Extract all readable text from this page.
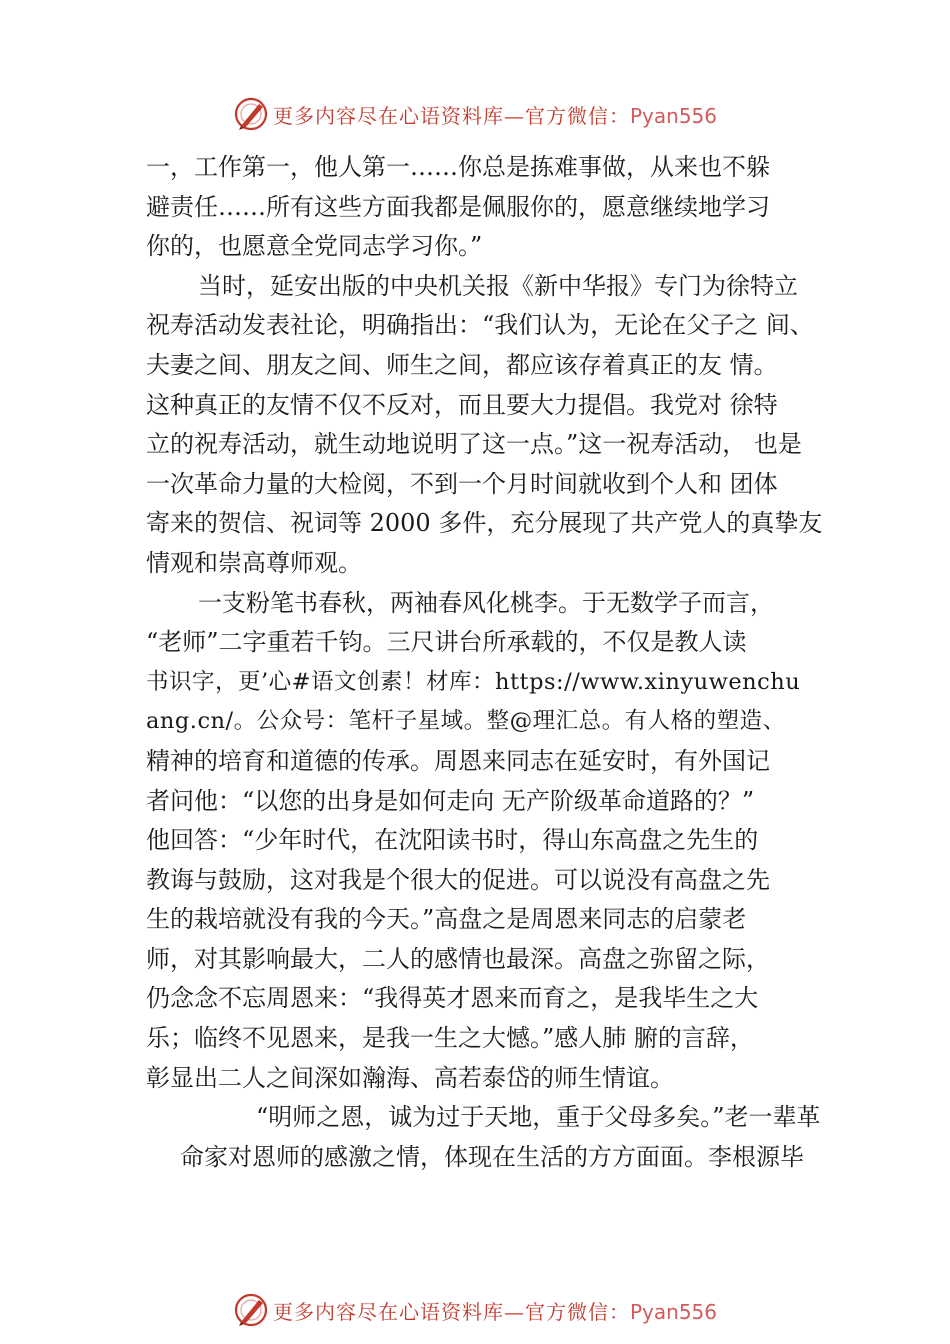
更多内容尽在心语资料库—官方微信：Pyan556
一，工作第一，他人第一……你总是拣难事做，从来也不躲
避责任……所有这些方面我都是佩服你的，愿意继续地学习
你的，也愿意全党同志学习你。”
当时，延安出版的中央机关报《新中华报》专门为徐特立
祝寿活动发表社论，明确指出：“我们认为，无论在父子之 间、
夫妻之间、朋友之间、师生之间，都应该存着真正的友 情。
这种真正的友情不仅不反对，而且要大力提倡。我党对 徐特
立的祝寿活动，就生动地说明了这一点。”这一祝寿活动， 也是
一次革命力量的大检阅，不到一个月时间就收到个人和 团体
寄来的贺信、祝词等 2000 多件，充分展现了共产党人的真挚友
情观和崇高尊师观。
一支粉笔书春秋，两袖春风化桃李。于无数学子而言，
“老师”二字重若千钧。三尺讲台所承载的，不仅是教人读
书识字，更’心#语文创素！材库：https://www.xinyuwenchu
ang.cn/。公众号：笔杆子星域。整@理汇总。有人格的塑造、
精神的培育和道德的传承。周恩来同志在延安时，有外国记
者问他：“以您的出身是如何走向 无产阶级革命道路的？”
他回答：“少年时代，在沈阳读书时，得山东高盘之先生的
教诲与鼓励，这对我是个很大的促进。可以说没有高盘之先
生的栽培就没有我的今天。”高盘之是周恩来同志的启蒙老
师，对其影响最大，二人的感情也最深。高盘之弥留之际，
仍念念不忘周恩来：“我得英才恩来而育之，是我毕生之大
乐；临终不见恩来，是我一生之大憾。”感人肺 腑的言辞，
彰显出二人之间深如瀚海、高若泰岱的师生情谊。
“明师之恩，诚为过于天地，重于父母多矣。”老一辈革
命家对恩师的感激之情，体现在生活的方方面面。李根源毕
更多内容尽在心语资料库—官方微信：Pyan556
